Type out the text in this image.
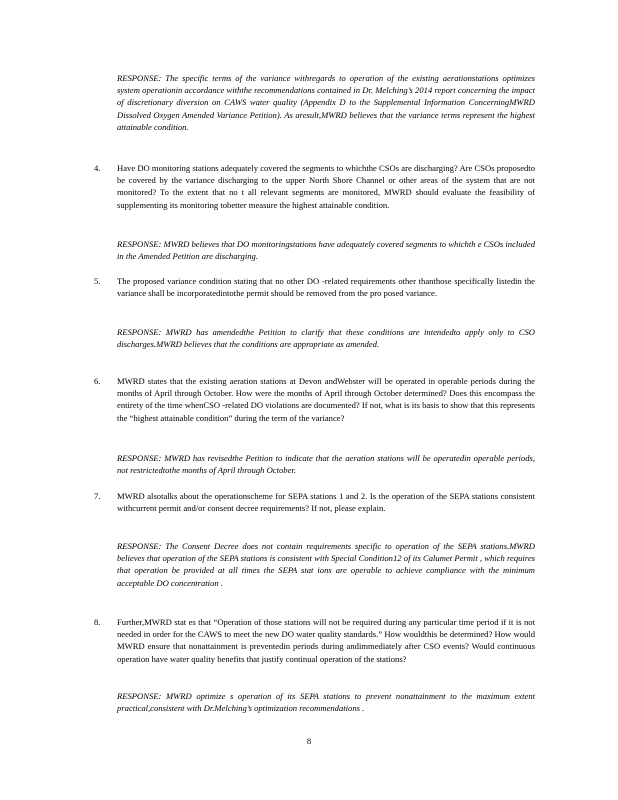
RESPONSE: The specific terms of the variance withregards to operation of the existing aerationstations optimizes system operationin accordance withthe recommendations contained in Dr. Melching’s 2014 report concerning the impact of discretionary diversion on CAWS water quality (Appendix D to the Supplemental Information ConcerningMWRD Dissolved Oxygen Amended Variance Petition). As aresult,MWRD believes that the variance terms represent the highest attainable condition.
4.	Have DO monitoring stations adequately covered the segments to whichthe CSOs are discharging? Are CSOs proposedto be covered by the variance discharging to the upper North Shore Channel or other areas of the system that are not monitored? To the extent that no t all relevant segments are monitored, MWRD should evaluate the feasibility of supplementing its monitoring tobetter measure the highest attainable condition.
RESPONSE: MWRD believes that DO monitoringstations have adequately covered segments to whichth e CSOs included in the Amended Petition are discharging.
5.	The proposed variance condition stating that no other DO -related requirements other thanthose specifically listedin the variance shall be incorporatedintothe permit should be removed from the pro posed variance.
RESPONSE: MWRD has amendedthe Petition to clarify that these conditions are intendedto apply only to CSO discharges.MWRD believes that the conditions are appropriate as amended.
6.	MWRD states that the existing aeration stations at Devon andWebster will be operated in operable periods during the months of April through October. How were the months of April through October determined? Does this encompass the entirety of the time whenCSO -related DO violations are documented? If not, what is its basis to show that this represents the “highest attainable condition” during the term of the variance?
RESPONSE: MWRD has revisedthe Petition to indicate that the aeration stations will be operatedin operable periods, not restrictedtothe months of April through October.
7.	MWRD alsotalks about the operationscheme for SEPA stations 1 and 2. Is the operation of the SEPA stations consistent withcurrent permit and/or consent decree requirements? If not, please explain.
RESPONSE: The Consent Decree does not contain requirements specific to operation of the SEPA stations.MWRD believes that operation of the SEPA stations is consistent with Special Condition12 of its Calumet Permit , which requires that operation be provided at all times the SEPA stat ions are operable to achieve compliance with the minimum acceptable DO concentration .
8.	Further,MWRD stat es that “Operation of those stations will not be required during any particular time period if it is not needed in order for the CAWS to meet the new DO water quality standards.” How wouldthis be determined? How would MWRD ensure that nonattainment is preventedin periods during andimmediately after CSO events? Would continuous operation have water quality benefits that justify continual operation of the stations?
RESPONSE: MWRD optimize s operation of its SEPA stations to prevent nonattainment to the maximum extent practical,consistent with Dr.Melching’s optimization recommendations .
8
